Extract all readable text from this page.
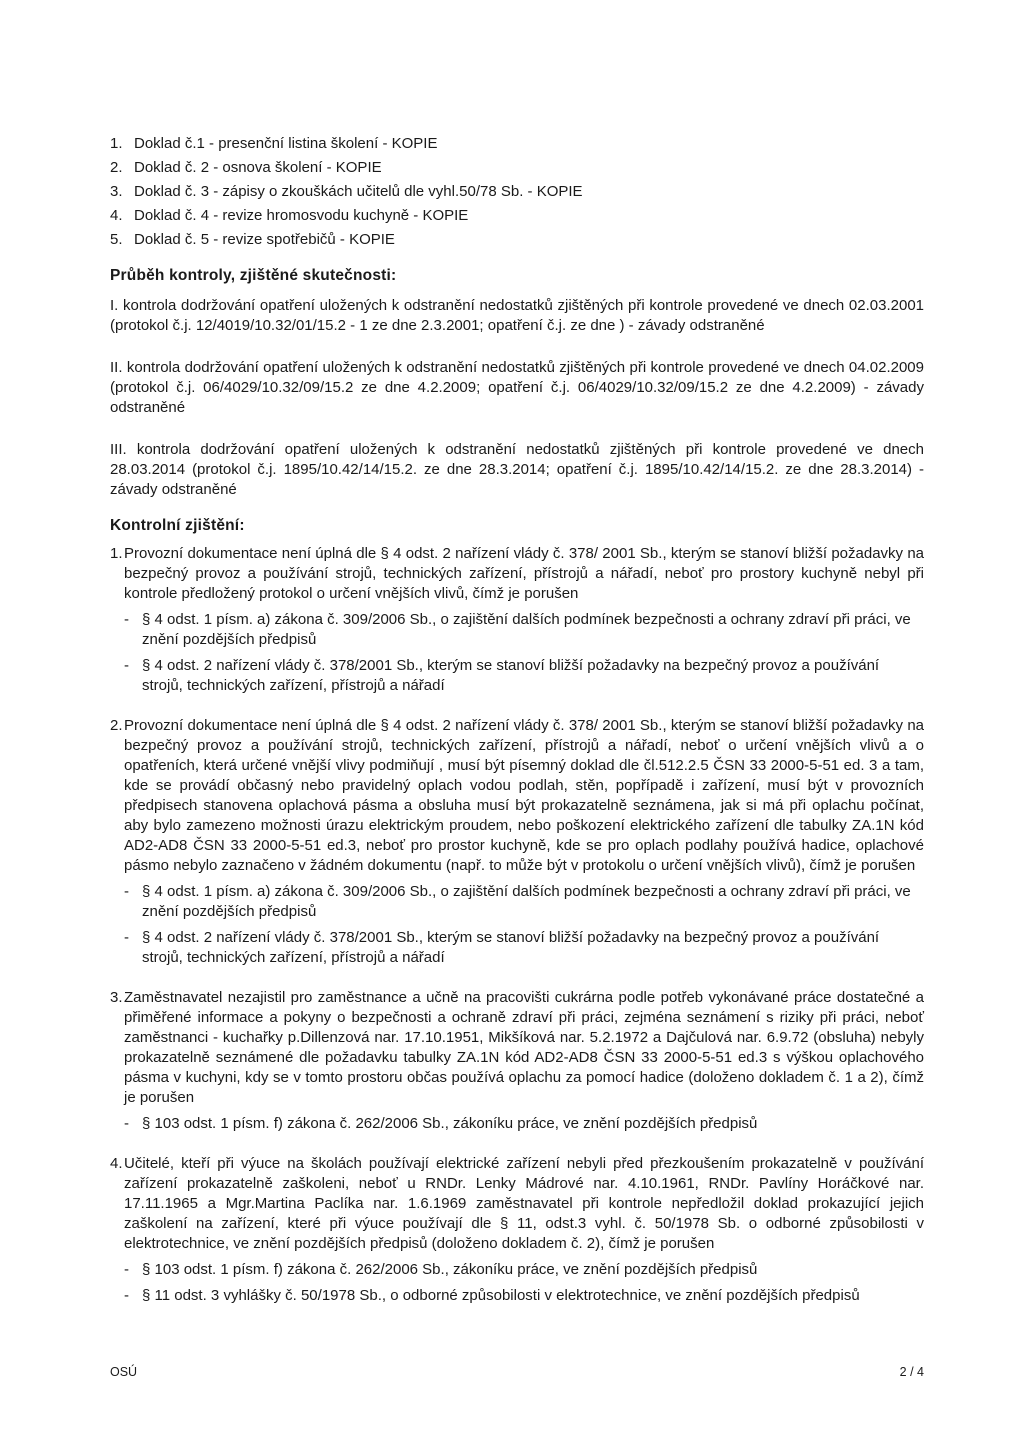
1. Doklad č.1 - presenční listina školení - KOPIE
2. Doklad č. 2 - osnova školení - KOPIE
3. Doklad č. 3 - zápisy o zkouškách učitelů dle vyhl.50/78 Sb. - KOPIE
4. Doklad č. 4 - revize hromosvodu kuchyně - KOPIE
5. Doklad č. 5 - revize spotřebičů - KOPIE
Průběh kontroly, zjištěné skutečnosti:

I. kontrola dodržování opatření uložených k odstranění nedostatků zjištěných při kontrole provedené ve dnech 02.03.2001 (protokol č.j. 12/4019/10.32/01/15.2 - 1 ze dne 2.3.2001; opatření č.j. ze dne ) - závady odstraněné

II. kontrola dodržování opatření uložených k odstranění nedostatků zjištěných při kontrole provedené ve dnech 04.02.2009 (protokol č.j. 06/4029/10.32/09/15.2 ze dne 4.2.2009; opatření č.j. 06/4029/10.32/09/15.2 ze dne 4.2.2009) - závady odstraněné

III. kontrola dodržování opatření uložených k odstranění nedostatků zjištěných při kontrole provedené ve dnech 28.03.2014 (protokol č.j. 1895/10.42/14/15.2. ze dne 28.3.2014; opatření č.j. 1895/10.42/14/15.2. ze dne 28.3.2014) - závady odstraněné

Kontrolní zjištění:
1. Provozní dokumentace není úplná dle § 4 odst. 2 nařízení vlády č. 378/ 2001 Sb., kterým se stanoví bližší požadavky na bezpečný provoz a používání strojů, technických zařízení, přístrojů a nářadí, neboť pro prostory kuchyně nebyl při kontrole předložený protokol o určení vnějších vlivů, čímž je porušen

- § 4 odst. 1 písm. a) zákona č. 309/2006 Sb., o zajištění dalších podmínek bezpečnosti a ochrany zdraví při práci, ve znění pozdějších předpisů
- § 4 odst. 2 nařízení vlády č. 378/2001 Sb., kterým se stanoví bližší požadavky na bezpečný provoz a používání strojů, technických zařízení, přístrojů a nářadí
2. Provozní dokumentace není úplná dle § 4 odst. 2 nařízení vlády č. 378/ 2001 Sb., kterým se stanoví bližší požadavky na bezpečný provoz a používání strojů, technických zařízení, přístrojů a nářadí, neboť o určení vnějších vlivů a o opatřeních, která určené vnější vlivy podmiňují , musí být písemný doklad dle čl.512.2.5 ČSN 33 2000-5-51 ed. 3 a tam, kde se provádí občasný nebo pravidelný oplach vodou podlah, stěn, popřípadě i zařízení, musí být v provozních předpisech stanovena oplachová pásma a obsluha musí být prokazatelně seznámena, jak si má při oplachu počínat, aby bylo zamezeno možnosti úrazu elektrickým proudem, nebo poškození elektrického zařízení dle tabulky ZA.1N kód AD2-AD8 ČSN 33 2000-5-51 ed.3, neboť pro prostor kuchyně, kde se pro oplach podlahy používá hadice, oplachové pásmo nebylo zaznačeno v žádném dokumentu (např. to může být v protokolu o určení vnějších vlivů), čímž je porušen

- § 4 odst. 1 písm. a) zákona č. 309/2006 Sb., o zajištění dalších podmínek bezpečnosti a ochrany zdraví při práci, ve znění pozdějších předpisů
- § 4 odst. 2 nařízení vlády č. 378/2001 Sb., kterým se stanoví bližší požadavky na bezpečný provoz a používání strojů, technických zařízení, přístrojů a nářadí
3. Zaměstnavatel nezajistil pro zaměstnance a učně na pracovišti cukrárna podle potřeb vykonávané práce dostatečné a přiměřené informace a pokyny o bezpečnosti a ochraně zdraví při práci, zejména seznámení s riziky při práci, neboť zaměstnanci - kuchařky p.Dillenzová nar. 17.10.1951, Mikšíková nar. 5.2.1972 a Dajčulová nar. 6.9.72 (obsluha) nebyly prokazatelně seznámené dle požadavku tabulky ZA.1N kód AD2-AD8 ČSN 33 2000-5-51 ed.3 s výškou oplachového pásma v kuchyni, kdy se v tomto prostoru občas používá oplachu za pomocí hadice (doloženo dokladem č. 1 a 2), čímž je porušen

- § 103 odst. 1 písm. f) zákona č. 262/2006 Sb., zákoníku práce, ve znění pozdějších předpisů
4. Učitelé, kteří při výuce na školách používají elektrické zařízení nebyli před přezkoušením prokazatelně v používání zařízení prokazatelně zaškoleni, neboť u RNDr. Lenky Mádrové nar. 4.10.1961, RNDr. Pavlíny Horáčkové nar. 17.11.1965 a Mgr.Martina Paclíka nar. 1.6.1969 zaměstnavatel při kontrole nepředložil doklad prokazující jejich zaškolení na zařízení, které při výuce používají dle § 11, odst.3 vyhl. č. 50/1978 Sb. o odborné způsobilosti v elektrotechnice, ve znění pozdějších předpisů (doloženo dokladem č. 2), čímž je porušen

- § 103 odst. 1 písm. f) zákona č. 262/2006 Sb., zákoníku práce, ve znění pozdějších předpisů
- § 11 odst. 3 vyhlášky č. 50/1978 Sb., o odborné způsobilosti v elektrotechnice, ve znění pozdějších předpisů
OSÚ	2 / 4
